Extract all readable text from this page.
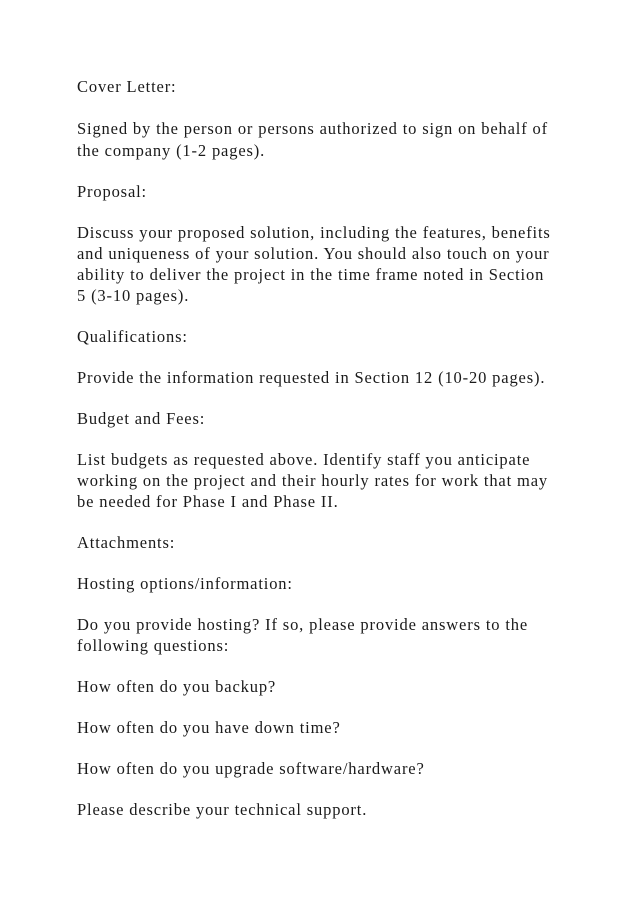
Cover Letter:

Signed by the person or persons authorized to sign on behalf of

the company (1-2 pages).

Proposal:

Discuss your proposed solution, including the features, benefits

and uniqueness of your solution. You should also touch on your

ability to deliver the project in the time frame noted in Section

5 (3-10 pages).

Qualifications:

Provide the information requested in Section 12 (10-20 pages).

Budget and Fees:

List budgets as requested above. Identify staff you anticipate

working on the project and their hourly rates for work that may

be needed for Phase I and Phase II.

Attachments:

Hosting options/information:

Do you provide hosting? If so, please provide answers to the

following questions:

How often do you backup?

How often do you have down time?

How often do you upgrade software/hardware?

Please describe your technical support.
